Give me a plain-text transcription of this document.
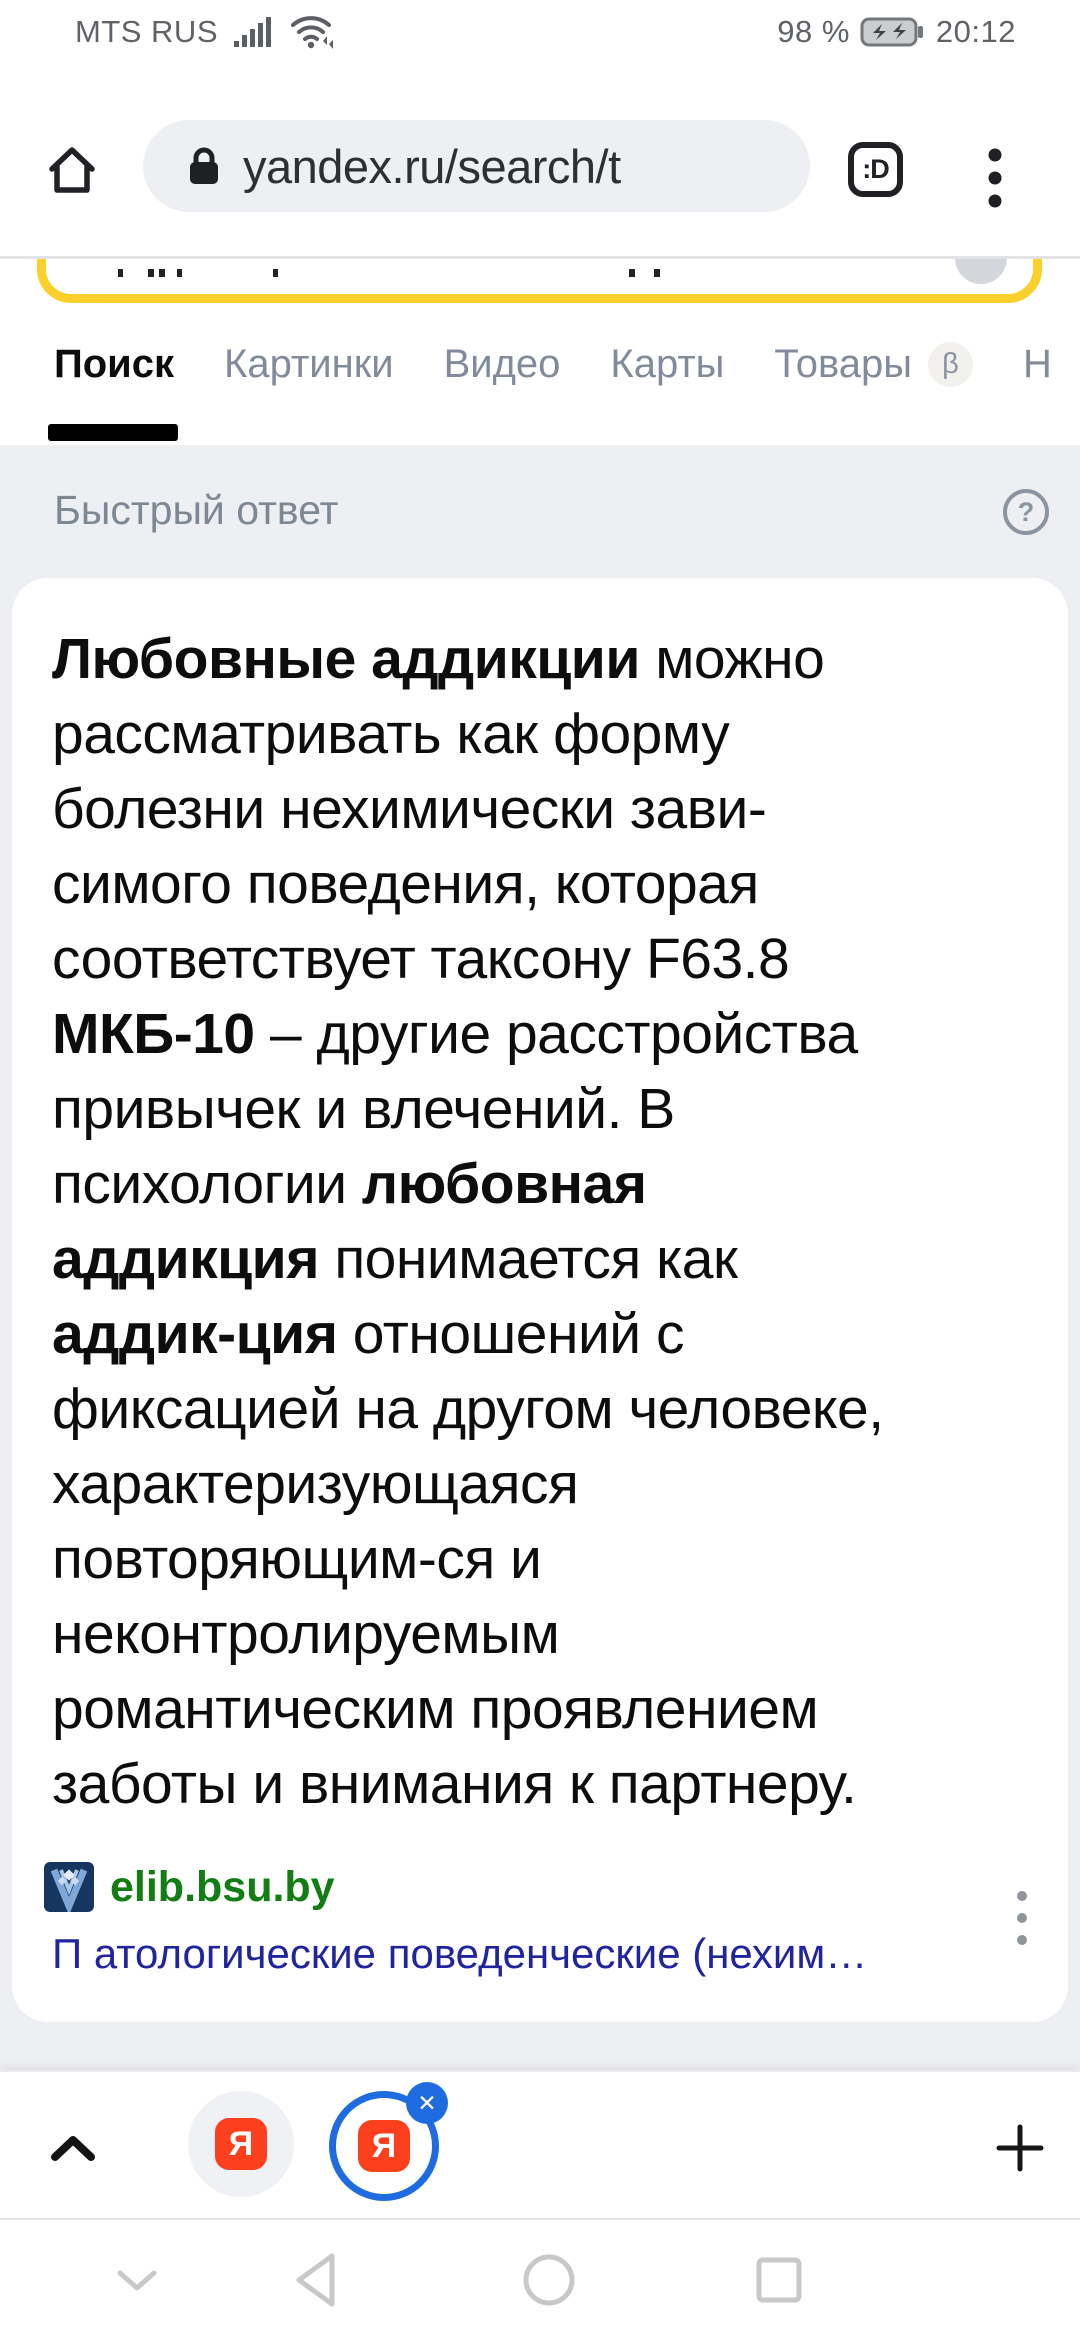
MTS RUS	98 %	20:12
yandex.ru/search/t	:D
Поиск Картинки Видео Карты Товары	β	Н
Быстрый ответ	?
Любовные аддикции можно
рассматривать как форму
болезни нехимически зави-
симого поведения, которая
соответствует таксону F63.8
МКБ-10 – другие расстройства
привычек и влечений. В
психологии любовная
аддикция понимается как
аддик-ция отношений с
фиксацией на другом человеке,
характеризующаяся
повторяющим-ся и
неконтролируемым
романтическим проявлением
заботы и внимания к партнеру.
elib.bsu.by
П атологические поведенческие (нехим…
Я	Я
✕
